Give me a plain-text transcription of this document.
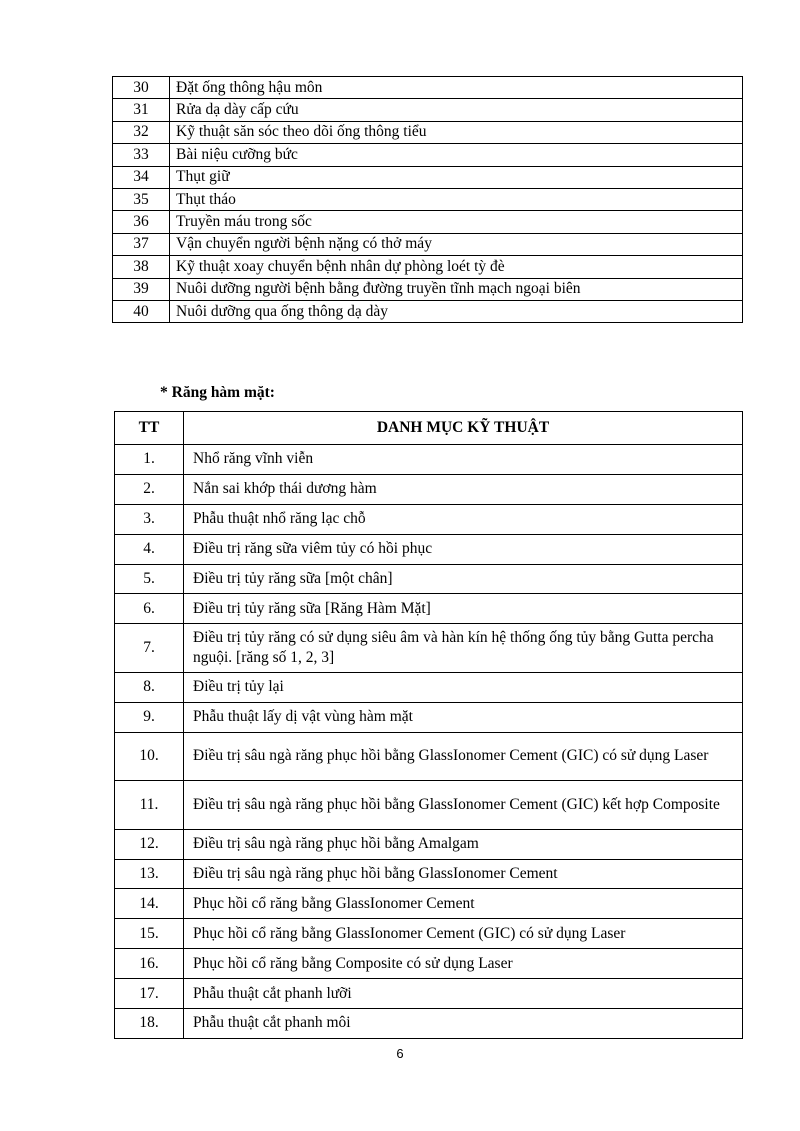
30	Đặt ống thông hậu môn
31	Rửa dạ dày cấp cứu
32	Kỹ thuật săn sóc theo dõi ống thông tiểu
33	Bài niệu cưỡng bức
34	Thụt giữ
35	Thụt tháo
36	Truyền máu trong sốc
37	Vận chuyển người bệnh nặng có thở máy
38	Kỹ thuật xoay chuyển bệnh nhân dự phòng loét tỳ đè
39	Nuôi dưỡng người bệnh bằng đường truyền tĩnh mạch ngoại biên
40	Nuôi dưỡng qua ống thông dạ dày
* Răng hàm mặt:
TT	DANH MỤC KỸ THUẬT
1.	Nhổ răng vĩnh viễn
2.	Nắn sai khớp thái dương hàm
3.	Phẫu thuật nhổ răng lạc chỗ
4.	Điều trị răng sữa viêm tủy có hồi phục
5.	Điều trị tủy răng sữa [một chân]
6.	Điều trị tủy răng sữa [Răng Hàm Mặt]
7.	Điều trị tủy răng có sử dụng siêu âm và hàn kín hệ thống ống tủy bằng Gutta percha nguội. [răng số 1, 2, 3]
8.	Điều trị tủy lại
9.	Phẫu thuật lấy dị vật vùng hàm mặt
10.	Điều trị sâu ngà răng phục hồi bằng GlassIonomer Cement (GIC) có sử dụng Laser
11.	Điều trị sâu ngà răng phục hồi bằng GlassIonomer Cement (GIC) kết hợp Composite
12.	Điều trị sâu ngà răng phục hồi bằng Amalgam
13.	Điều trị sâu ngà răng phục hồi bằng GlassIonomer Cement
14.	Phục hồi cổ răng bằng GlassIonomer Cement
15.	Phục hồi cổ răng bằng GlassIonomer Cement (GIC) có sử dụng Laser
16.	Phục hồi cổ răng bằng Composite có sử dụng Laser
17.	Phẫu thuật cắt phanh lưỡi
18.	Phẫu thuật cắt phanh môi
6
